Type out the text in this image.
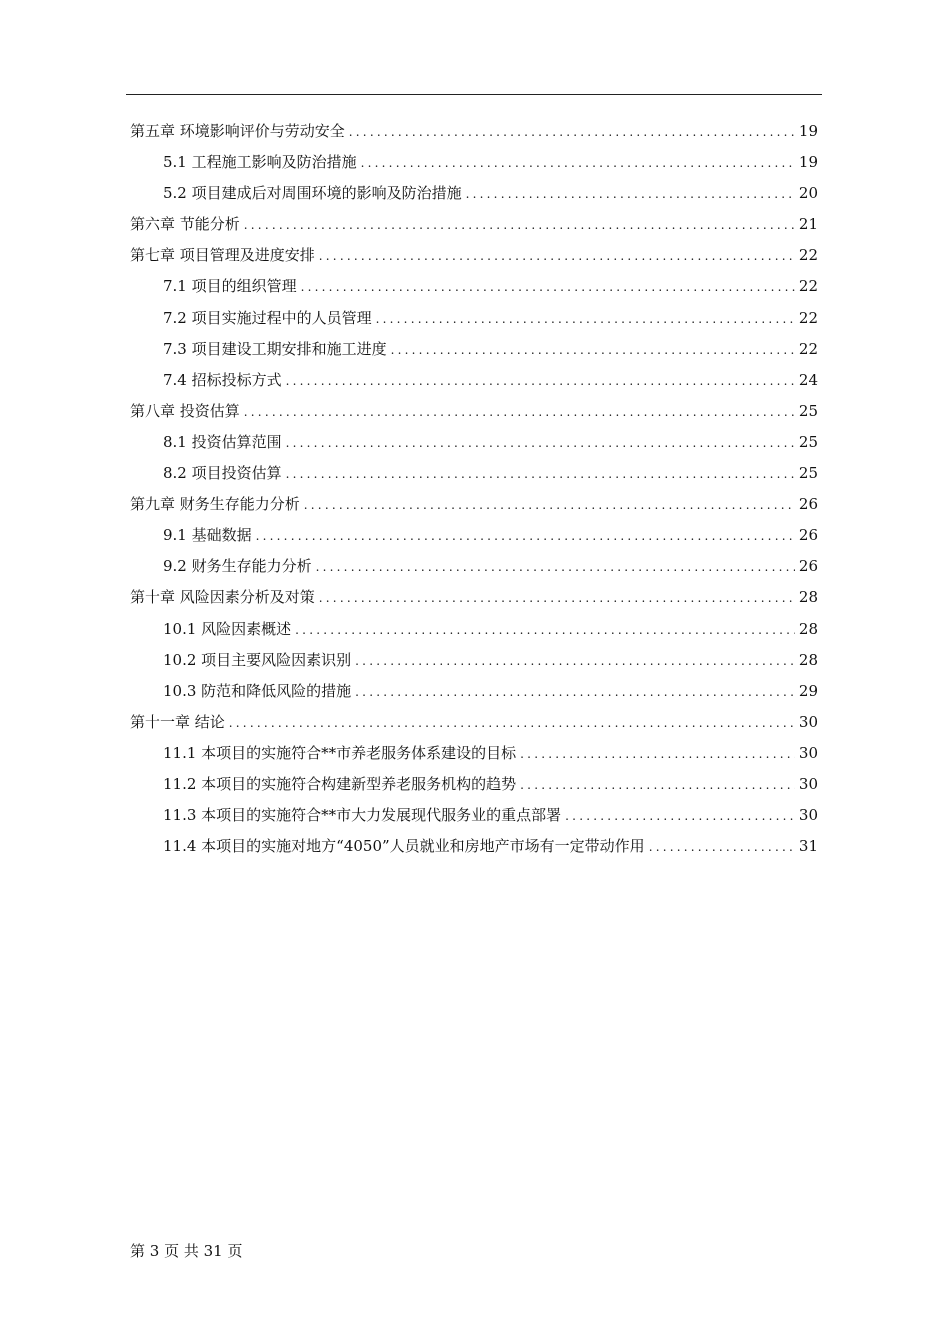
第五章 环境影响评价与劳动安全 .....	19
5.1 工程施工影响及防治措施 .....	19
5.2 项目建成后对周围环境的影响及防治措施 .....	20
第六章 节能分析 .....	21
第七章 项目管理及进度安排 .....	22
7.1 项目的组织管理 .....	22
7.2 项目实施过程中的人员管理 .....	22
7.3 项目建设工期安排和施工进度 .....	22
7.4 招标投标方式 .....	24
第八章 投资估算 .....	25
8.1 投资估算范围 .....	25
8.2 项目投资估算 .....	25
第九章 财务生存能力分析 .....	26
9.1 基础数据 .....	26
9.2 财务生存能力分析 .....	26
第十章 风险因素分析及对策 .....	28
10.1 风险因素概述 .....	28
10.2 项目主要风险因素识别 .....	28
10.3 防范和降低风险的措施 .....	29
第十一章 结论 .....	30
11.1 本项目的实施符合**市养老服务体系建设的目标 .....	30
11.2 本项目的实施符合构建新型养老服务机构的趋势 .....	30
11.3 本项目的实施符合**市大力发展现代服务业的重点部署 .....	30
11.4 本项目的实施对地方“4050”人员就业和房地产市场有一定带动作用 .....	31
第 3 页 共 31 页
